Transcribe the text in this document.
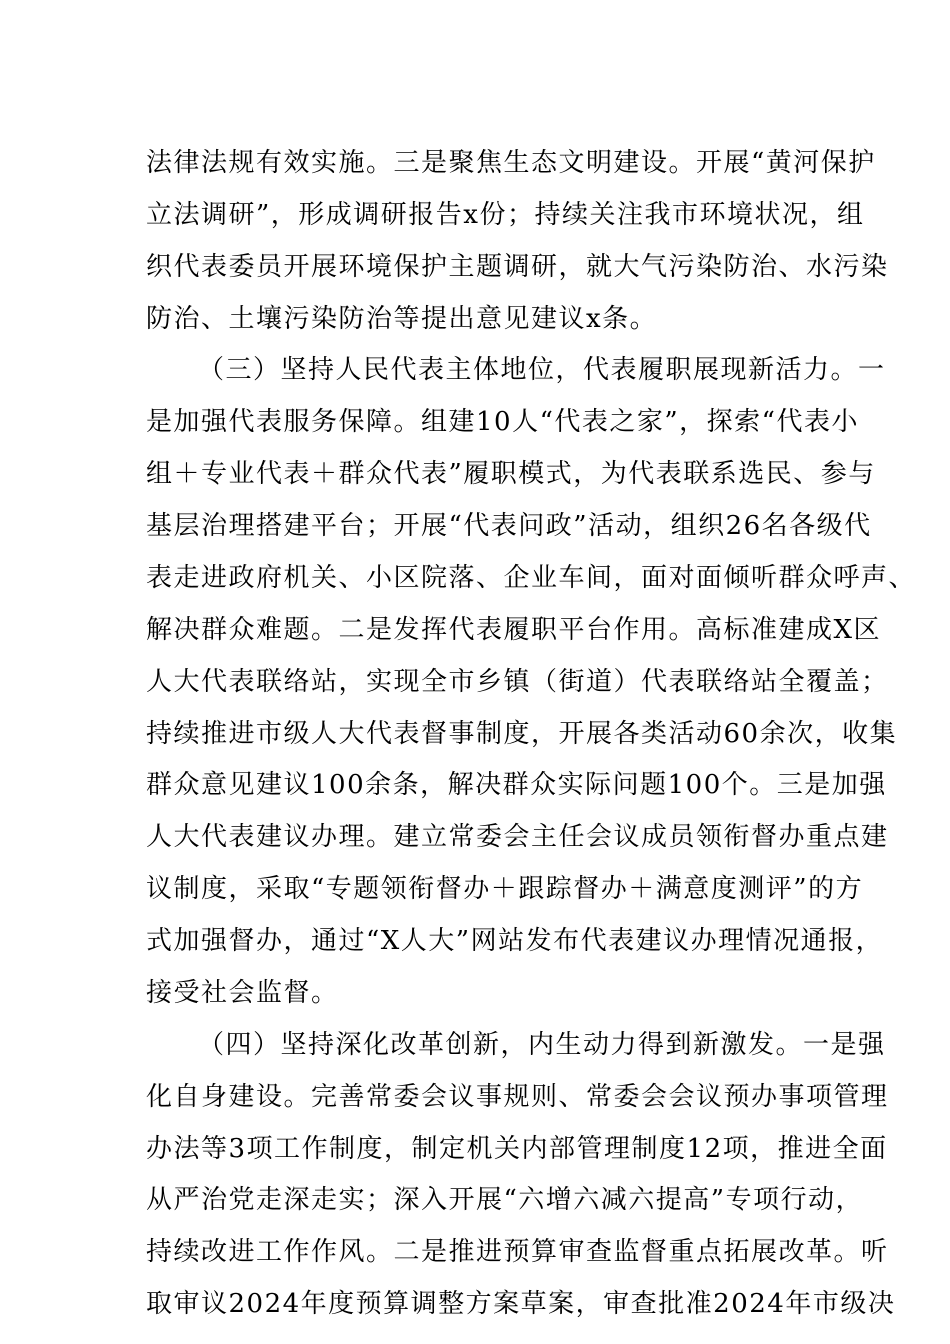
法律法规有效实施。三是聚焦生态文明建设。开展“黄河保护
立法调研”，形成调研报告x份；持续关注我市环境状况，组
织代表委员开展环境保护主题调研，就大气污染防治、水污染
防治、土壤污染防治等提出意见建议x条。
（三）坚持人民代表主体地位，代表履职展现新活力。一
是加强代表服务保障。组建10人“代表之家”，探索“代表小
组＋专业代表＋群众代表”履职模式，为代表联系选民、参与
基层治理搭建平台；开展“代表问政”活动，组织26名各级代
表走进政府机关、小区院落、企业车间，面对面倾听群众呼声、
解决群众难题。二是发挥代表履职平台作用。高标准建成X区
人大代表联络站，实现全市乡镇（街道）代表联络站全覆盖；
持续推进市级人大代表督事制度，开展各类活动60余次，收集
群众意见建议100余条，解决群众实际问题100个。三是加强
人大代表建议办理。建立常委会主任会议成员领衔督办重点建
议制度，采取“专题领衔督办＋跟踪督办＋满意度测评”的方
式加强督办，通过“X人大”网站发布代表建议办理情况通报，
接受社会监督。
（四）坚持深化改革创新，内生动力得到新激发。一是强
化自身建设。完善常委会议事规则、常委会会议预办事项管理
办法等3项工作制度，制定机关内部管理制度12项，推进全面
从严治党走深走实；深入开展“六增六减六提高”专项行动，
持续改进工作作风。二是推进预算审查监督重点拓展改革。听
取审议2024年度预算调整方案草案，审查批准2024年市级决
